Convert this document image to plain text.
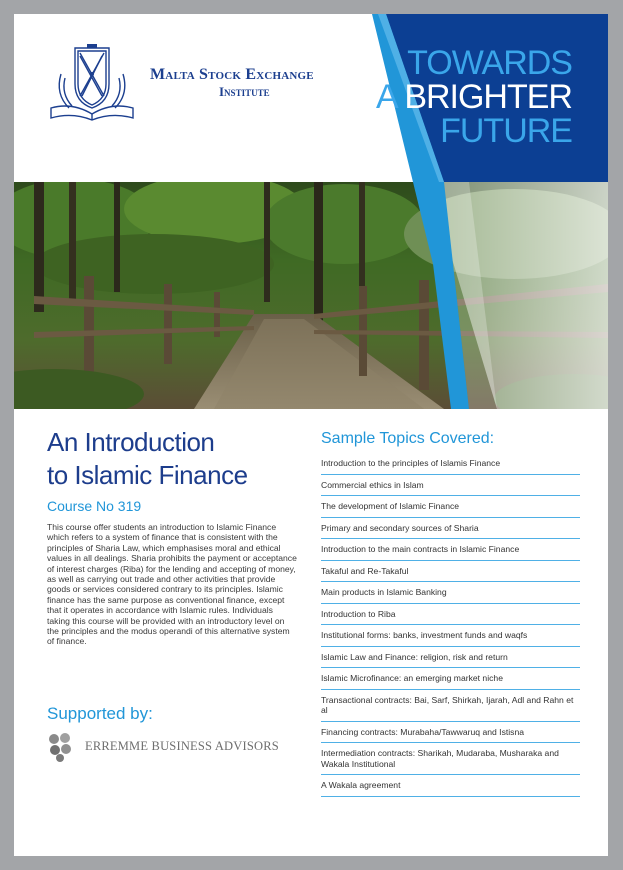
Malta Stock Exchange
Institute
TOWARDS
A BRIGHTER
FUTURE
An Introduction
to Islamic Finance
Course No 319
This course offer students an introduction to Islamic Finance which refers to a system of finance that is consistent with the principles of Sharia Law, which emphasises moral and ethical values in all dealings. Sharia prohibits the payment or acceptance of interest charges (Riba) for the lending and accepting of money, as well as carrying out trade and other activities that provide goods or services considered contrary to its principles. Islamic finance has the same purpose as conventional finance, except that it operates in accordance with Islamic rules. Individuals taking this course will be provided with an introductory level on the principles and the modus operandi of this alternative system of finance.
Supported by:
ERREMME BUSINESS ADVISORS
Sample Topics Covered:
Introduction to the principles of Islamis Finance
Commercial ethics in Islam
The development of Islamic Finance
Primary and secondary sources of Sharia
Introduction to the main contracts in Islamic Finance
Takaful and Re-Takaful
Main products in Islamic Banking
Introduction to Riba
Institutional forms: banks, investment funds and waqfs
Islamic Law and Finance: religion, risk and return
Islamic Microfinance: an emerging market niche
Transactional contracts: Bai, Sarf, Shirkah, Ijarah, Adl and Rahn et al
Financing contracts: Murabaha/Tawwaruq and Istisna
Intermediation contracts: Sharikah, Mudaraba, Musharaka and Wakala Institutional
A Wakala agreement
